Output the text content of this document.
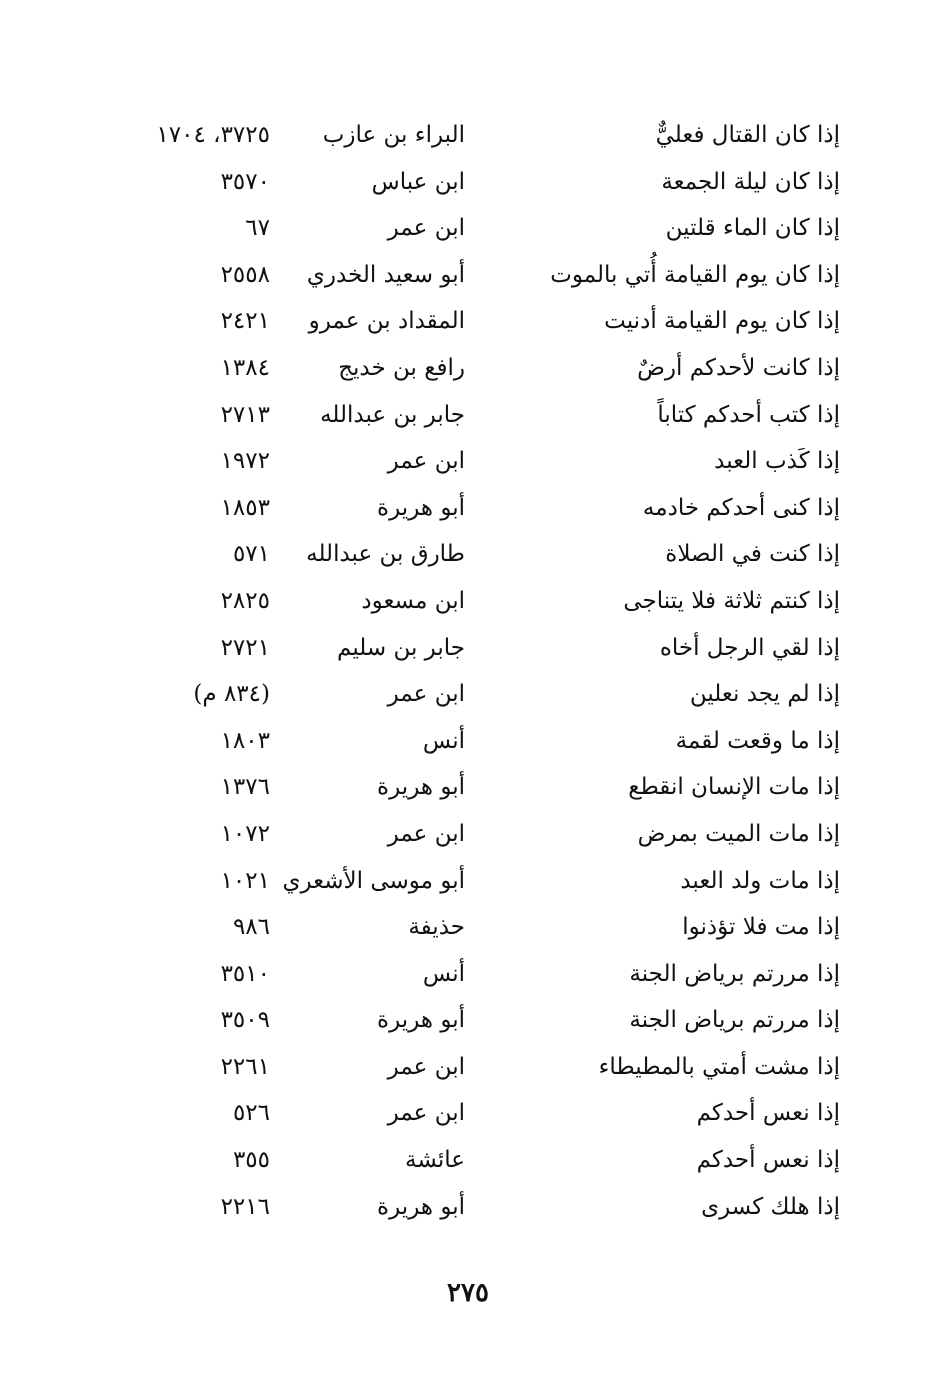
إذا كان القتال فعليٌّ
البراء بن عازب
٣٧٢٥، ١٧٠٤
إذا كان ليلة الجمعة
ابن عباس
٣٥٧٠
إذا كان الماء قلتين
ابن عمر
٦٧
إذا كان يوم القيامة أُتي بالموت
أبو سعيد الخدري
٢٥٥٨
إذا كان يوم القيامة أدنيت
المقداد بن عمرو
٢٤٢١
إذا كانت لأحدكم أرضٌ
رافع بن خديج
١٣٨٤
إذا كتب أحدكم كتاباً
جابر بن عبدالله
٢٧١٣
إذا كَذب العبد
ابن عمر
١٩٧٢
إذا كنى أحدكم خادمه
أبو هريرة
١٨٥٣
إذا كنت في الصلاة
طارق بن عبدالله
٥٧١
إذا كنتم ثلاثة فلا يتناجى
ابن مسعود
٢٨٢٥
إذا لقي الرجل أخاه
جابر بن سليم
٢٧٢١
إذا لم يجد نعلين
ابن عمر
(٨٣٤ م)
إذا ما وقعت لقمة
أنس
١٨٠٣
إذا مات الإنسان انقطع
أبو هريرة
١٣٧٦
إذا مات الميت بمرض
ابن عمر
١٠٧٢
إذا مات ولد العبد
أبو موسى الأشعري
١٠٢١
إذا مت فلا تؤذنوا
حذيفة
٩٨٦
إذا مررتم برياض الجنة
أنس
٣٥١٠
إذا مررتم برياض الجنة
أبو هريرة
٣٥٠٩
إذا مشت أمتي بالمطيطاء
ابن عمر
٢٢٦١
إذا نعس أحدكم
ابن عمر
٥٢٦
إذا نعس أحدكم
عائشة
٣٥٥
إذا هلك كسرى
أبو هريرة
٢٢١٦
٢٧٥
